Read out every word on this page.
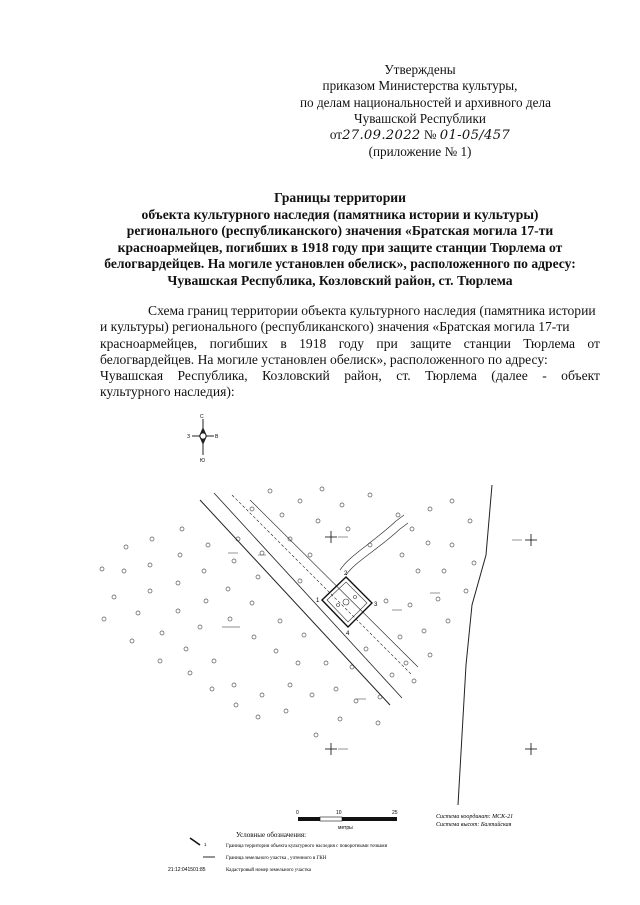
Утверждены
приказом Министерства культуры,
по делам национальностей и архивного дела
Чувашской Республики
от27.09.2022 № 01-05/457
(приложение № 1)
Границы территории
объекта культурного наследия (памятника истории и культуры)
регионального (республиканского) значения «Братская могила 17-ти
красноармейцев, погибших в 1918 году при защите станции Тюрлема от
белогвардейцев. На могиле установлен обелиск», расположенного по адресу:
Чувашская Республика, Козловский район, ст. Тюрлема
Схема границ территории объекта культурного наследия (памятника истории
и культуры) регионального (республиканского) значения «Братская могила 17-ти
красноармейцев, погибших в 1918 году при защите станции Тюрлема от
белогвардейцев. На могиле установлен обелиск», расположенного по адресу:
Чувашская Республика, Козловский район, ст. Тюрлема (далее - объект
культурного наследия):
С
Ю
З	В
1
2
3
4
0	10	25
метры
Система координат: МСК-21
Система высот: Балтийская
Условные обозначения:
1	Граница территории объекта культурного наследия с поворотными точками
Граница земельного участка , учтенного в ГКН
21:12:041501:85	Кадастровый номер земельного участка
